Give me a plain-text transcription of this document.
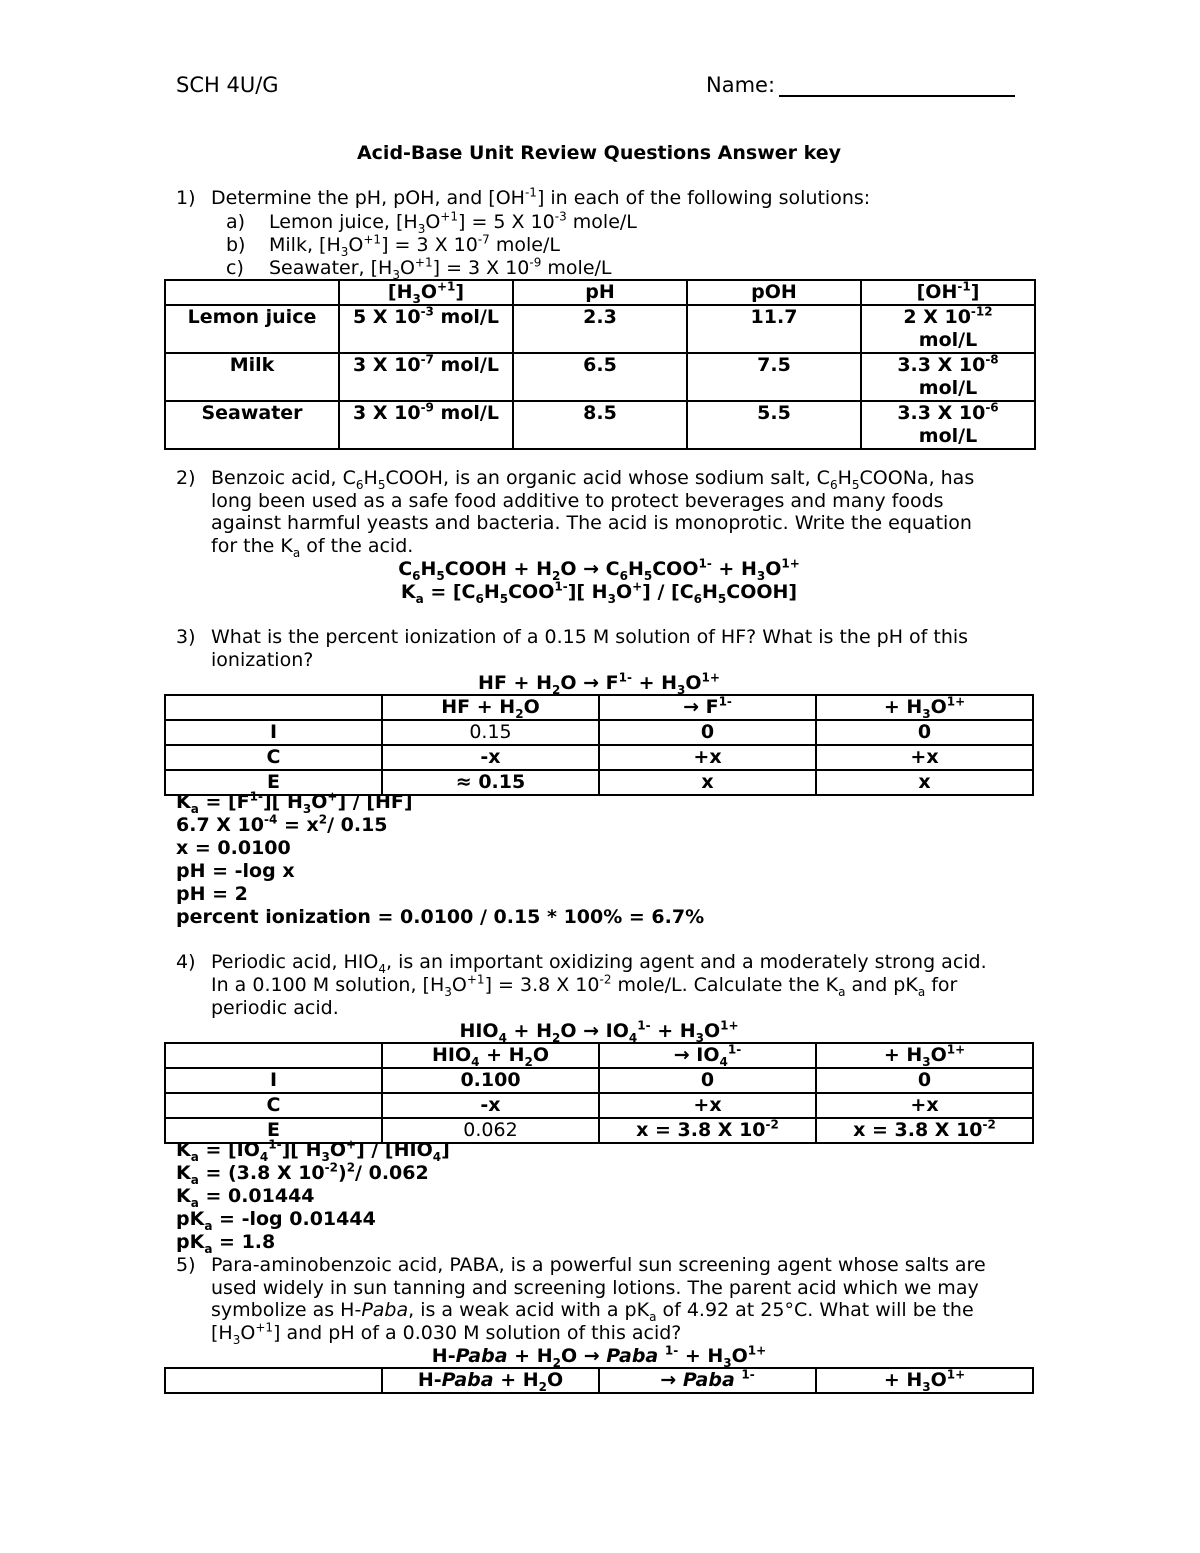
SCH 4U/G	Name:
Acid-Base Unit Review Questions Answer key
1) Determine the pH, pOH, and $[OH^{-1}]$ in each of the following solutions:
a) Lemon juice, $[H_3O^{+1}] = 5$ X $10^{-3}$ mole/L
b) Milk, $[H_3O^{+1}] = 3$ X $10^{-7}$ mole/L
c) Seawater, $[H_3O^{+1}] = 3$ X $10^{-9}$ mole/L
	$[H_3O^{+1}]$	pH	pOH	$[OH^{-1}]$
Lemon juice	5 X $10^{-3}$ mol/L	2.3	11.7	2 X $10^{-12}$
mol/L
Milk	3 X $10^{-7}$ mol/L	6.5	7.5	3.3 X $10^{-8}$
mol/L
Seawater	3 X $10^{-9}$ mol/L	8.5	5.5	3.3 X $10^{-6}$
mol/L
2) Benzoic acid, $C_6H_5COOH$, is an organic acid whose sodium salt, $C_6H_5COONa$, has
long been used as a safe food additive to protect beverages and many foods
against harmful yeasts and bacteria. The acid is monoprotic. Write the equation
for the $K_a$ of the acid.
$C_6H_5COOH + H_2O \to C_6H_5COO^{1-} + H_3O^{1+}$
$K_a = [C_6H_5COO^{1-}]$[ $H_3O^+$] / $[C_6H_5COOH]$
3) What is the percent ionization of a 0.15 M solution of HF? What is the pH of this
ionization?
HF + $H_2O \to F^{1-} + H_3O^{1+}$
	HF + $H_2O$	→ $F^{1-}$	+ $H_3O^{1+}$
I	0.15	0	0
C	-x	+x	+x
E	≈ 0.15	x	x
$K_a = [F^{1-}]$[ $H_3O^+] / [HF]$
6.7 X $10^{-4} = x^2/$ 0.15
x = 0.0100
pH = -log x
pH = 2
percent ionization = 0.0100 / 0.15 * 100% = 6.7%
4) Periodic acid, $HIO_4$, is an important oxidizing agent and a moderately strong acid.
In a 0.100 M solution, $[H_3O^{+1}] = 3.8$ X $10^{-2}$ mole/L. Calculate the $K_a$ and $pK_a$ for
periodic acid.
$HIO_4 + H_2O \to IO_4^{1-} + H_3O^{1+}$
	$HIO_4 + H_2O$	→ $IO_4^{1-}$	+ $H_3O^{1+}$
I	0.100	0	0
C	-x	+x	+x
E	0.062	x = 3.8 X $10^{-2}$	x = 3.8 X $10^{-2}$
$K_a = [IO_4^{1-}]$[ $H_3O^+] / [HIO_4]$
$K_a = (3.8$ X $10^{-2})^2/$ 0.062
$K_a = 0.01444$
$pK_a = -\log$ 0.01444
$pK_a = 1.8$
5) Para-aminobenzoic acid, PABA, is a powerful sun screening agent whose salts are
used widely in sun tanning and screening lotions. The parent acid which we may
symbolize as H-Paba, is a weak acid with a $pK_a$ of 4.92 at 25°C. What will be the
$[H_3O^{+1}]$ and pH of a 0.030 M solution of this acid?
H-Paba + $H_2O$ → Paba $^{1-} + H_3O^{1+}$
	H-Paba + $H_2O$	→ Paba $^{1-}$	+ $H_3O^{1+}$
